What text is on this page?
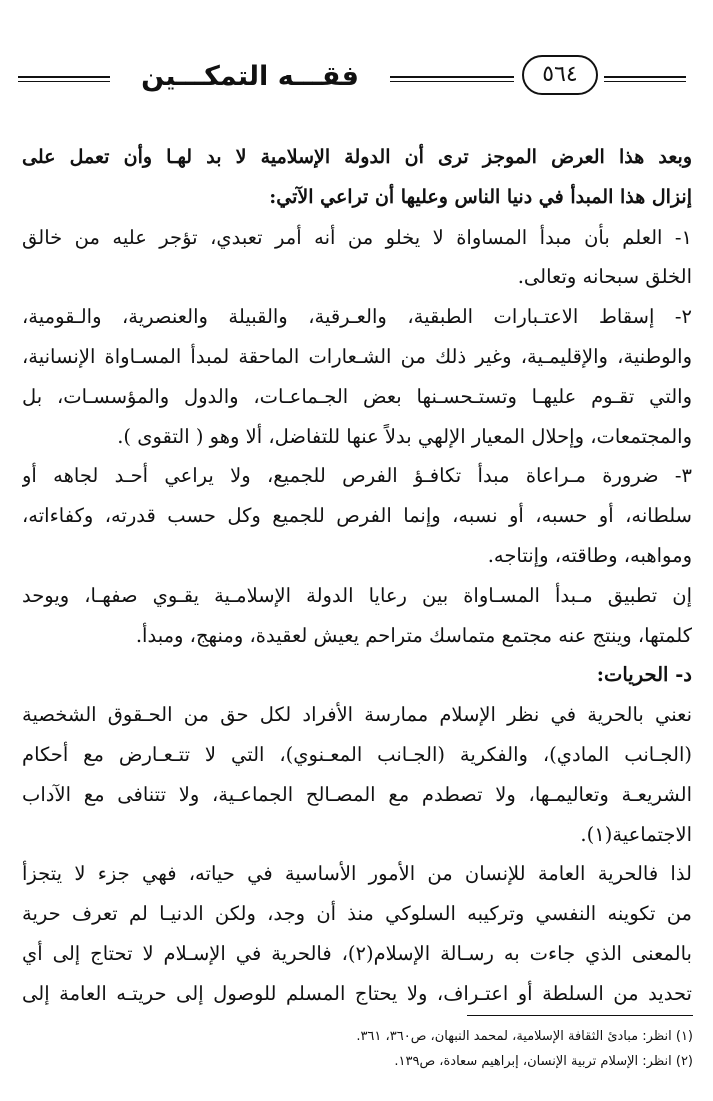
فقـــه التمكـــين	٥٦٤
وبعد هذا العرض الموجز ترى أن الدولة الإسلامية لا بد لهـا وأن تعمل على
إنزال هذا المبدأ في دنيا الناس وعليها أن تراعي الآتي:
١- العلم بأن مبدأ المساواة لا يخلو من أنه أمر تعبدي، تؤجر عليه من خالق
الخلق سبحانه وتعالى.
٢- إسقاط الاعتـبارات الطبقية، والعـرقية، والقبيلة والعنصرية، والـقومية،
والوطنية، والإقليمـية، وغير ذلك من الشـعارات الماحقة لمبدأ المسـاواة الإنسانية،
والتي تقـوم عليهـا وتستـحسـنها بعض الجـماعـات، والدول والمؤسسـات، بل
والمجتمعات، وإحلال المعيار الإلهي بدلاً عنها للتفاضل، ألا وهو ( التقوى ).
٣- ضرورة مـراعاة مبدأ تكافـؤ الفرص للجميع، ولا يراعي أحـد لجاهه أو
سلطانه، أو حسبه، أو نسبه، وإنما الفرص للجميع وكل حسب قدرته، وكفاءاته،
ومواهبه، وطاقته، وإنتاجه.
إن تطبيق مـبدأ المسـاواة بين رعايا الدولة الإسلامـية يقـوي صفهـا، ويوحد
كلمتها، وينتج عنه مجتمع متماسك متراحم يعيش لعقيدة، ومنهج، ومبدأ.
د- الحريات:
نعني بالحرية في نظر الإسلام ممارسة الأفراد لكل حق من الحـقوق الشخصية
(الجـانب المادي)، والفكرية (الجـانب المعـنوي)، التي لا تتـعـارض مع أحكام
الشريعـة وتعاليمـها، ولا تصطدم مع المصـالح الجماعـية، ولا تتنافى مع الآداب
الاجتماعية(١).
لذا فالحرية العامة للإنسان من الأمور الأساسية في حياته، فهي جزء لا يتجزأ
من تكوينه النفسي وتركيبه السلوكي منذ أن وجد، ولكن الدنيـا لم تعرف حرية
بالمعنى الذي جاءت به رسـالة الإسلام(٢)، فالحرية في الإسـلام لا تحتاج إلى أي
تحديد من السلطة أو اعتـراف، ولا يحتاج المسلم للوصول إلى حريتـه العامة إلى
(١) انظر: مبادئ الثقافة الإسلامية، لمحمد النبهان، ص٣٦٠، ٣٦١.
(٢) انظر: الإسلام تربية الإنسان، إبراهيم سعادة، ص١٣٩.
